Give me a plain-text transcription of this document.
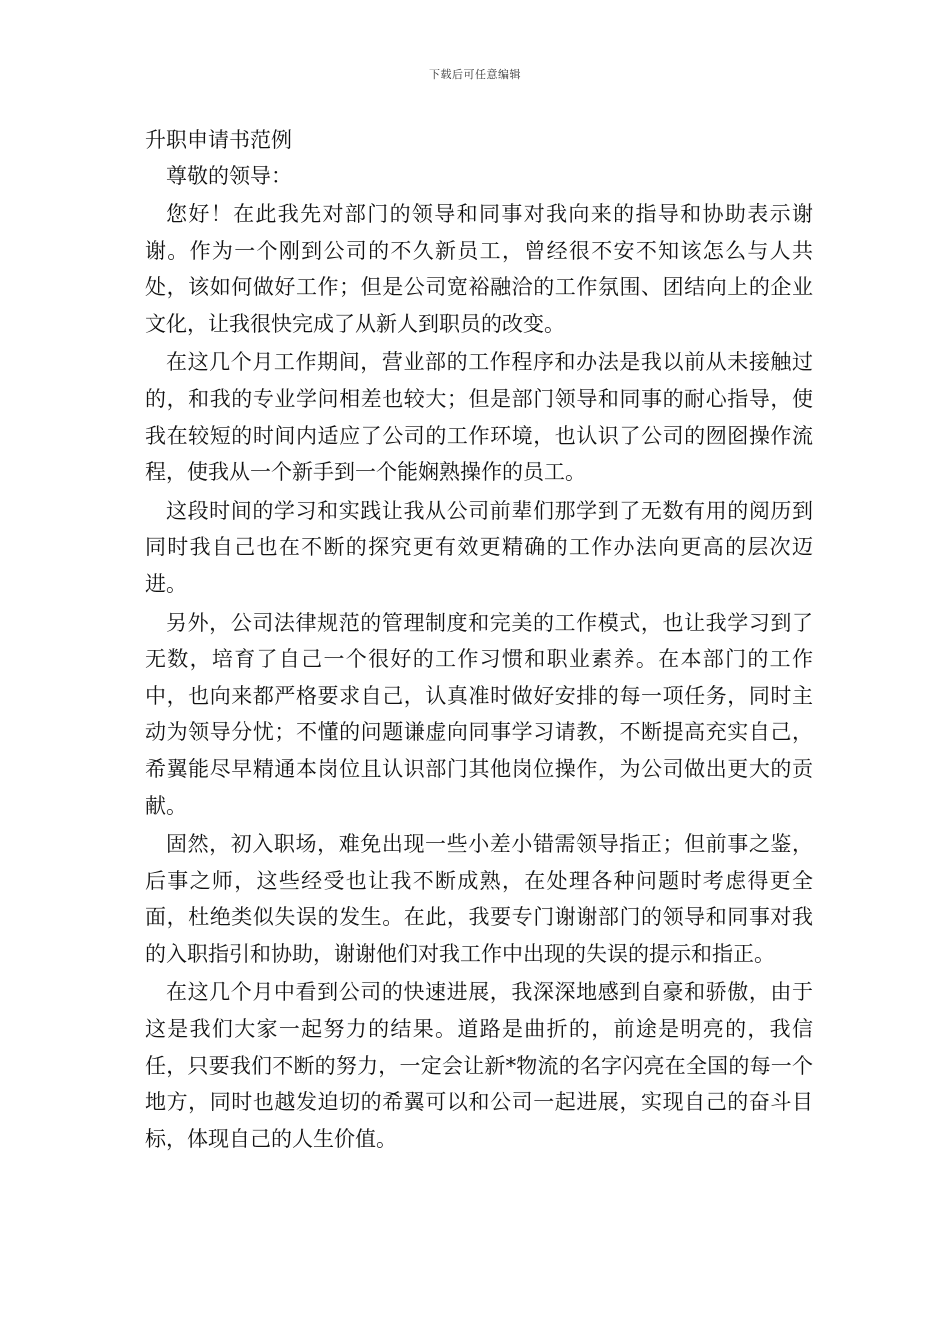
下载后可任意编辑

升职申请书范例

尊敬的领导：

您好！在此我先对部门的领导和同事对我向来的指导和协助表示谢谢。作为一个刚到公司的不久新员工，曾经很不安不知该怎么与人共处，该如何做好工作；但是公司宽裕融洽的工作氛围、团结向上的企业文化，让我很快完成了从新人到职员的改变。

在这几个月工作期间，营业部的工作程序和办法是我以前从未接触过的，和我的专业学问相差也较大；但是部门领导和同事的耐心指导，使我在较短的时间内适应了公司的工作环境，也认识了公司的囫囵操作流程，使我从一个新手到一个能娴熟操作的员工。

这段时间的学习和实践让我从公司前辈们那学到了无数有用的阅历到同时我自己也在不断的探究更有效更精确的工作办法向更高的层次迈进。

另外，公司法律规范的管理制度和完美的工作模式，也让我学习到了无数，培育了自己一个很好的工作习惯和职业素养。在本部门的工作中，也向来都严格要求自己，认真准时做好安排的每一项任务，同时主动为领导分忧；不懂的问题谦虚向同事学习请教，不断提高充实自己，希翼能尽早精通本岗位且认识部门其他岗位操作，为公司做出更大的贡献。

固然，初入职场，难免出现一些小差小错需领导指正；但前事之鉴，后事之师，这些经受也让我不断成熟，在处理各种问题时考虑得更全面，杜绝类似失误的发生。在此，我要专门谢谢部门的领导和同事对我的入职指引和协助，谢谢他们对我工作中出现的失误的提示和指正。

在这几个月中看到公司的快速进展，我深深地感到自豪和骄傲，由于这是我们大家一起努力的结果。道路是曲折的，前途是明亮的，我信任，只要我们不断的努力，一定会让新*物流的名字闪亮在全国的每一个地方，同时也越发迫切的希翼可以和公司一起进展，实现自己的奋斗目标，体现自己的人生价值。
